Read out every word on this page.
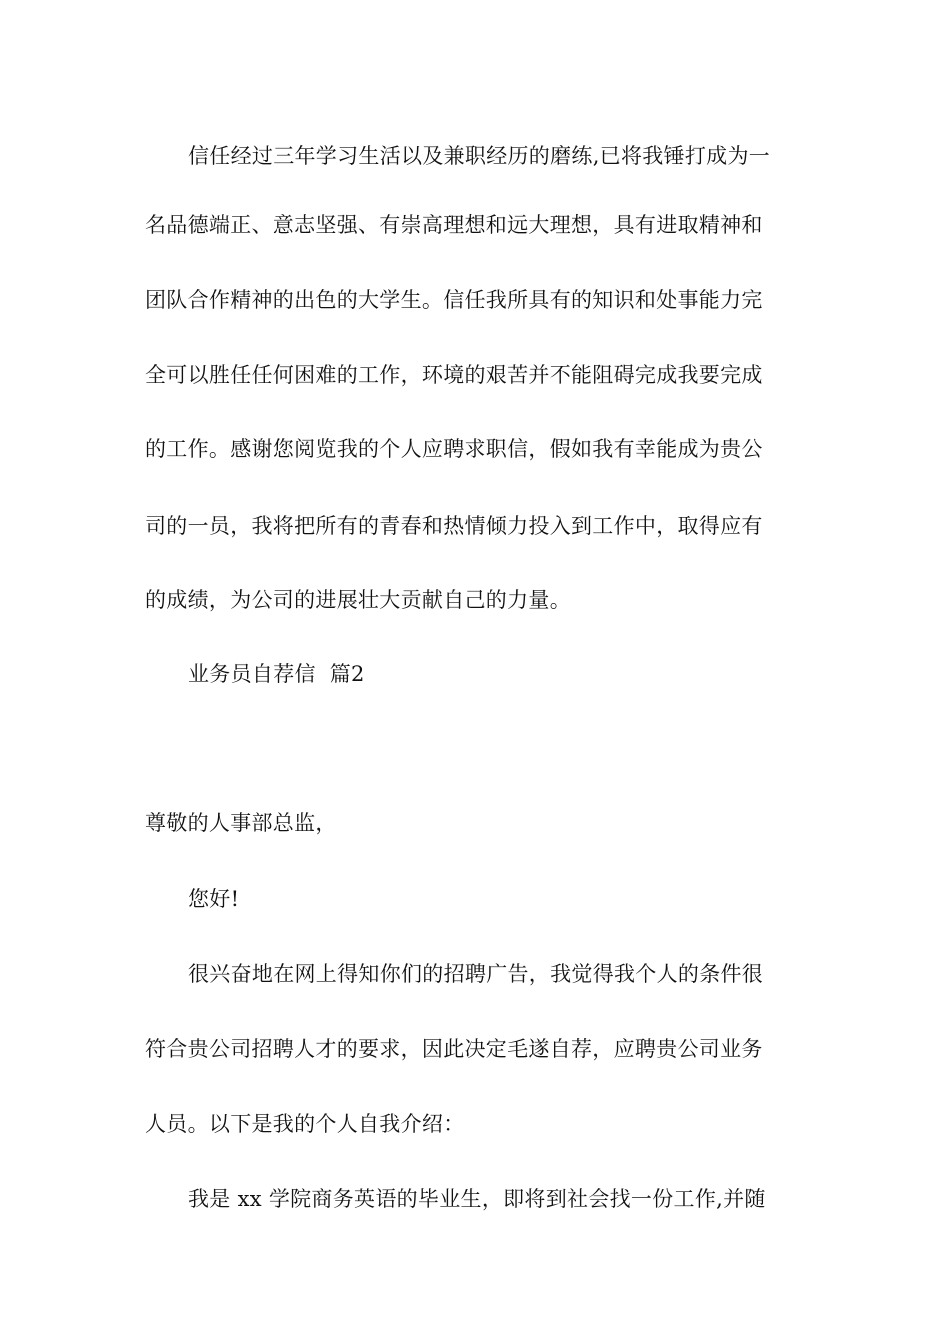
信任经过三年学习生活以及兼职经历的磨练,已将我锤打成为一
名品德端正、意志坚强、有崇高理想和远大理想，具有进取精神和
团队合作精神的出色的大学生。信任我所具有的知识和处事能力完
全可以胜任任何困难的工作，环境的艰苦并不能阻碍完成我要完成
的工作。感谢您阅览我的个人应聘求职信，假如我有幸能成为贵公
司的一员，我将把所有的青春和热情倾力投入到工作中，取得应有
的成绩，为公司的进展壮大贡献自己的力量。
业务员自荐信  篇2
尊敬的人事部总监，
您好!
很兴奋地在网上得知你们的招聘广告，我觉得我个人的条件很
符合贵公司招聘人才的要求，因此决定毛遂自荐，应聘贵公司业务
人员。以下是我的个人自我介绍：
我是 xx 学院商务英语的毕业生，即将到社会找一份工作,并随
